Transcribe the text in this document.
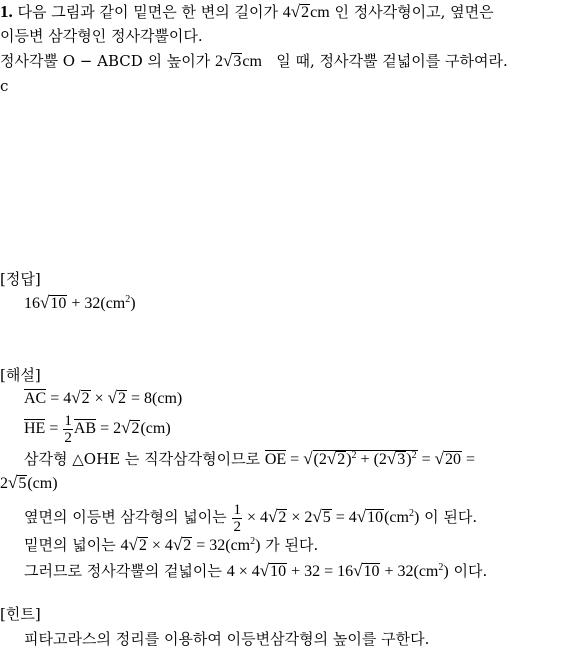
1. 다음 그림과 같이 밑면은 한 변의 길이가 4√2cm 인 정사각형이고, 옆면은
이등변 삼각형인 정사각뿔이다.
정사각뿔 O − ABCD 의 높이가 2√3cm 일 때, 정사각뿔 겉넓이를 구하여라.
c
[정답]
$16√10 + 32(cm^2)$
[해설]
AC = 4√2 × √2 = 8(cm)
HE = $\frac{1}{2}$ AB = 2√2(cm)
삼각형 △OHE 는 직각삼각형이므로 OE = $√(2√2)^2 + (2√3)^2 = √20$ =
2√5(cm)
옆면의 이등변 삼각형의 넓이는 $\frac{1}{2} \times 4√2 \times 2√5 = 4√10(cm^2)$ 이 된다.
밑면의 넓이는 $4√2 \times 4√2 = 32(cm^2)$ 가 된다.
그러므로 정사각뿔의 겉넓이는 $4 \times 4√10 + 32 = 16√10 + 32(cm^2)$ 이다.
[힌트]
피타고라스의 정리를 이용하여 이등변삼각형의 높이를 구한다.
